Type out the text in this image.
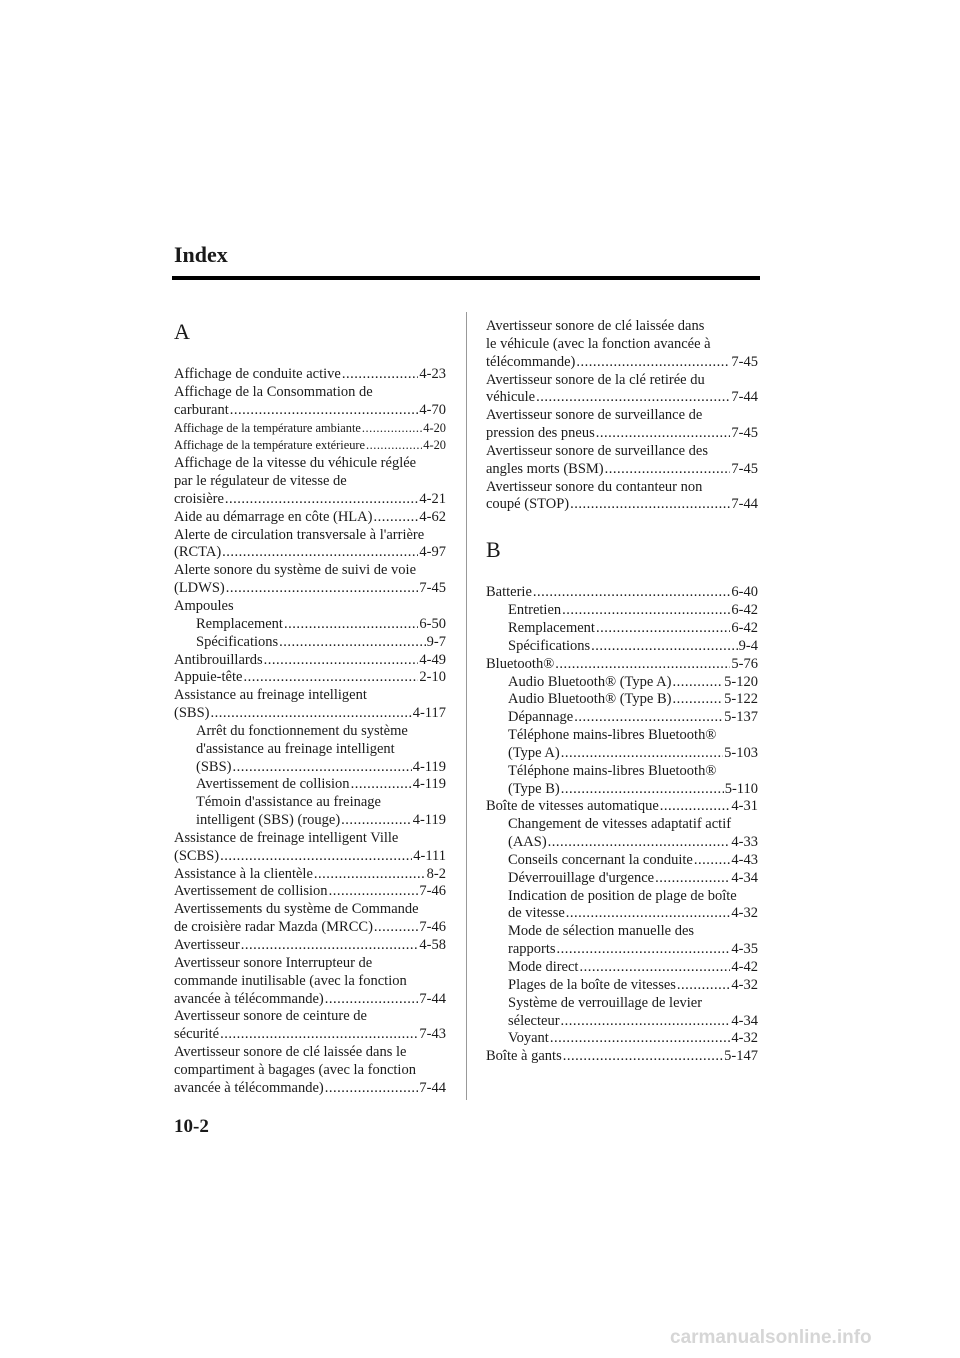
Index
A
Affichage de conduite active .....	4-23
Affichage de la Consommation de
carburant .....	4-70
Affichage de la température ambiante .....	4-20
Affichage de la température extérieure .....	4-20
Affichage de la vitesse du véhicule réglée
par le régulateur de vitesse de
croisière .....	4-21
Aide au démarrage en côte (HLA) .....	4-62
Alerte de circulation transversale à l'arrière
(RCTA) .....	4-97
Alerte sonore du système de suivi de voie
(LDWS) .....	7-45
Ampoules
Remplacement .....	6-50
Spécifications .....	9-7
Antibrouillards .....	4-49
Appuie-tête .....	2-10
Assistance au freinage intelligent
(SBS) .....	4-117
Arrêt du fonctionnement du système
d'assistance au freinage intelligent
(SBS) .....	4-119
Avertissement de collision .....	4-119
Témoin d'assistance au freinage
intelligent (SBS) (rouge) .....	4-119
Assistance de freinage intelligent Ville
(SCBS) .....	4-111
Assistance à la clientèle .....	8-2
Avertissement de collision .....	7-46
Avertissements du système de Commande
de croisière radar Mazda (MRCC) .....	7-46
Avertisseur .....	4-58
Avertisseur sonore Interrupteur de
commande inutilisable (avec la fonction
avancée à télécommande) .....	7-44
Avertisseur sonore de ceinture de
sécurité .....	7-43
Avertisseur sonore de clé laissée dans le
compartiment à bagages (avec la fonction
avancée à télécommande) .....	7-44
Avertisseur sonore de clé laissée dans
le véhicule (avec la fonction avancée à
télécommande) .....	7-45
Avertisseur sonore de la clé retirée du
véhicule .....	7-44
Avertisseur sonore de surveillance de
pression des pneus .....	7-45
Avertisseur sonore de surveillance des
angles morts (BSM) .....	7-45
Avertisseur sonore du contanteur non
coupé (STOP) .....	7-44
B
Batterie .....	6-40
Entretien .....	6-42
Remplacement .....	6-42
Spécifications .....	9-4
Bluetooth® .....	5-76
Audio Bluetooth® (Type A) .....	5-120
Audio Bluetooth® (Type B) .....	5-122
Dépannage .....	5-137
Téléphone mains-libres Bluetooth®
(Type A) .....	5-103
Téléphone mains-libres Bluetooth®
(Type B) .....	5-110
Boîte de vitesses automatique .....	4-31
Changement de vitesses adaptatif actif
(AAS) .....	4-33
Conseils concernant la conduite .....	4-43
Déverrouillage d'urgence .....	4-34
Indication de position de plage de boîte
de vitesse .....	4-32
Mode de sélection manuelle des
rapports .....	4-35
Mode direct .....	4-42
Plages de la boîte de vitesses .....	4-32
Système de verrouillage de levier
sélecteur .....	4-34
Voyant .....	4-32
Boîte à gants .....	5-147
10-2
carmanualsonline.info
